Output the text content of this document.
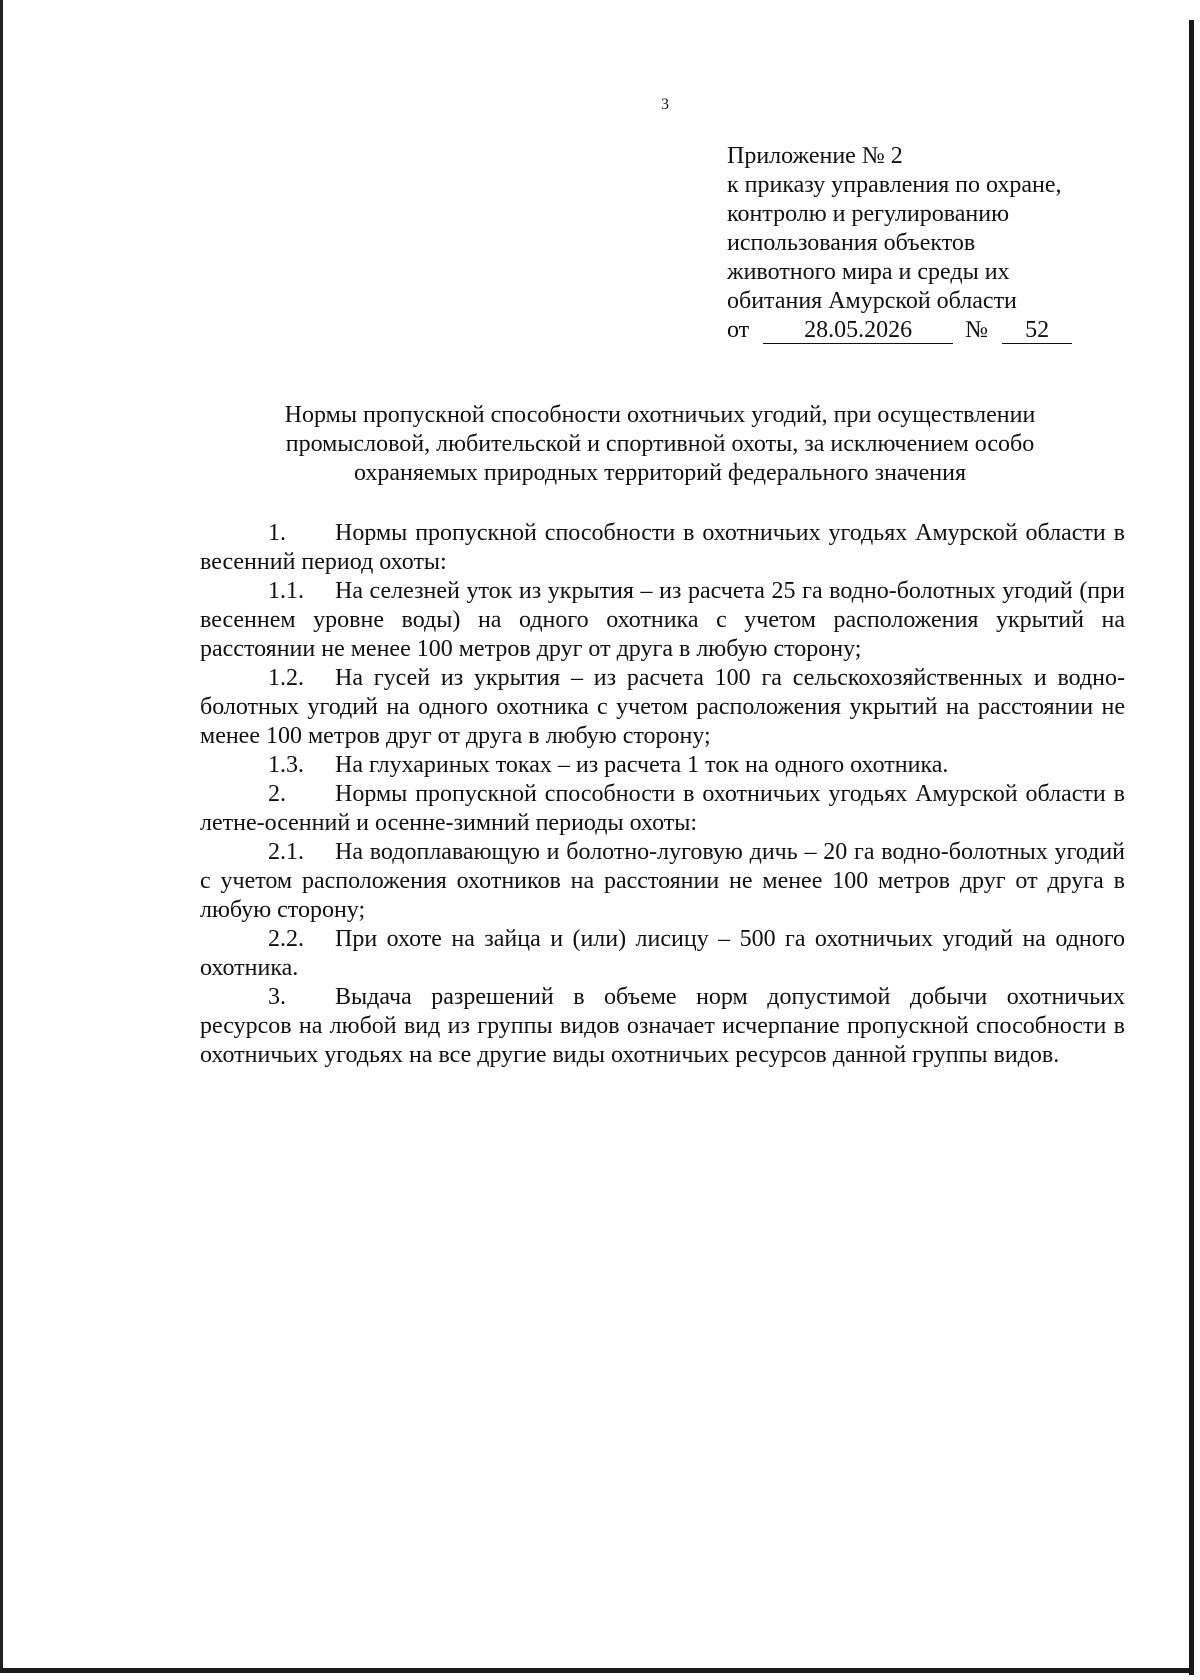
3
Приложение № 2
к приказу управления по охране,
контролю и регулированию
использования объектов
животного мира и среды их
обитания Амурской области
от 28.05.2026 № 52
Нормы пропускной способности охотничьих угодий, при осуществлении промысловой, любительской и спортивной охоты, за исключением особо охраняемых природных территорий федерального значения

1. Нормы пропускной способности в охотничьих угодьях Амурской области в весенний период охоты:

1.1. На селезней уток из укрытия – из расчета 25 га водно-болотных угодий (при весеннем уровне воды) на одного охотника с учетом расположения укрытий на расстоянии не менее 100 метров друг от друга в любую сторону;

1.2. На гусей из укрытия – из расчета 100 га сельскохозяйственных и водно-болотных угодий на одного охотника с учетом расположения укрытий на расстоянии не менее 100 метров друг от друга в любую сторону;

1.3. На глухариных токах – из расчета 1 ток на одного охотника.

2. Нормы пропускной способности в охотничьих угодьях Амурской области в летне-осенний и осенне-зимний периоды охоты:

2.1. На водоплавающую и болотно-луговую дичь – 20 га водно-болотных угодий с учетом расположения охотников на расстоянии не менее 100 метров друг от друга в любую сторону;

2.2. При охоте на зайца и (или) лисицу – 500 га охотничьих угодий на одного охотника.

3. Выдача разрешений в объеме норм допустимой добычи охотничьих ресурсов на любой вид из группы видов означает исчерпание пропускной способности в охотничьих угодьях на все другие виды охотничьих ресурсов данной группы видов.
